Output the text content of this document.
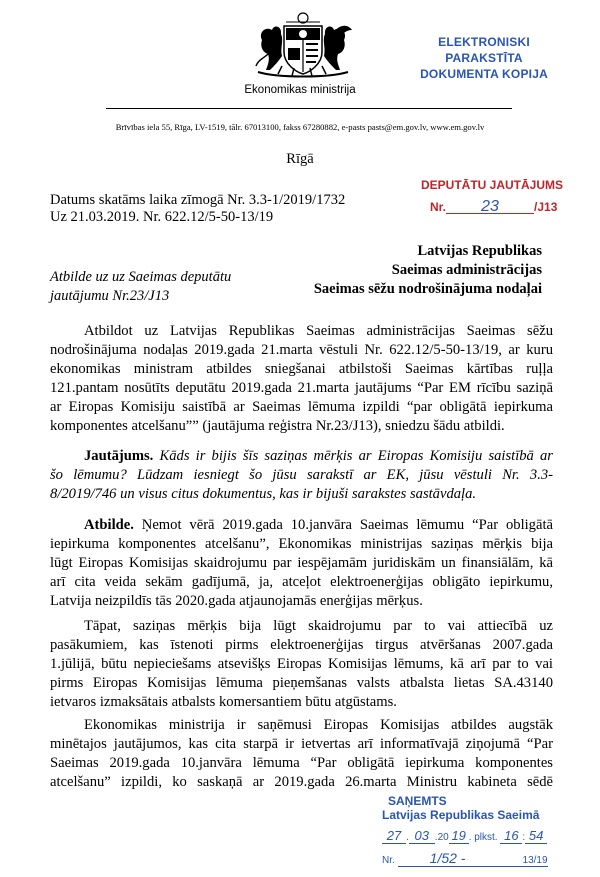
Ekonomikas ministrija
Brīvības iela 55, Rīga, LV-1519, tālr. 67013100, fakss 67280882, e-pasts pasts@em.gov.lv, www.em.gov.lv
ELEKTRONISKI PARAKSTĪTA
DOKUMENTA KOPIJA
Rīgā
Datums skatāms laika zīmogā Nr. 3.3-1/2019/1732
Uz 21.03.2019. Nr. 622.12/5-50-13/19
DEPUTĀTU JAUTĀJUMS
Nr. 23	/J13
Latvijas Republikas
Saeimas administrācijas
Saeimas sēžu nodrošinājuma nodaļai
Atbilde uz uz Saeimas deputātu
jautājumu Nr.23/J13
Atbildot uz Latvijas Republikas Saeimas administrācijas Saeimas sēžu
nodrošinājuma nodaļas 2019.gada 21.marta vēstuli Nr. 622.12/5-50-13/19, ar kuru
ekonomikas ministram atbildes sniegšanai atbilstoši Saeimas kārtības ruļļa
121.pantam nosūtīts deputātu 2019.gada 21.marta jautājums “Par EM rīcību saziņā
ar Eiropas Komisiju saistībā ar Saeimas lēmuma izpildi “par obligātā iepirkuma
komponentes atcelšanu”” (jautājuma reģistra Nr.23/J13), sniedzu šādu atbildi.
Jautājums. Kāds ir bijis šīs saziņas mērķis ar Eiropas Komisiju saistībā ar
šo lēmumu? Lūdzam iesniegt šo jūsu sarakstī ar EK, jūsu vēstuli Nr. 3.3-
8/2019/746 un visus citus dokumentus, kas ir bijuši sarakstes sastāvdaļa.
Atbilde. Ņemot vērā 2019.gada 10.janvāra Saeimas lēmumu “Par obligātā
iepirkuma komponentes atcelšanu”, Ekonomikas ministrijas saziņas mērķis bija
lūgt Eiropas Komisijas skaidrojumu par iespējamām juridiskām un finansiālām, kā
arī cita veida sekām gadījumā, ja, atceļot elektroenerģijas obligāto iepirkumu,
Latvija neizpildīs tās 2020.gada atjaunojamās enerģijas mērķus.
Tāpat, saziņas mērķis bija lūgt skaidrojumu par to vai attiecībā uz
pasākumiem, kas īstenoti pirms elektroenerģijas tirgus atvēršanas 2007.gada
1.jūlijā, būtu nepieciešams atsevišķs Eiropas Komisijas lēmums, kā arī par to vai
pirms Eiropas Komisijas lēmuma pieņemšanas valsts atbalsta lietas SA.43140
ietvaros izmaksātais atbalsts komersantiem būtu atgūstams.
Ekonomikas ministrija ir saņēmusi Eiropas Komisijas atbildes augstāk
minētajos jautājumos, kas cita starpā ir ietvertas arī informatīvajā ziņojumā “Par
Saeimas 2019.gada 10.janvāra lēmuma “Par obligātā iepirkuma komponentes
atcelšanu” izpildi, ko saskaņā ar 2019.gada 26.marta Ministru kabineta sēdē
SAŅEMTS
Latvijas Republikas Saeimā
27 . 03 .20 19 . plkst. 16 : 54
Nr. 1/52 -	13/19
